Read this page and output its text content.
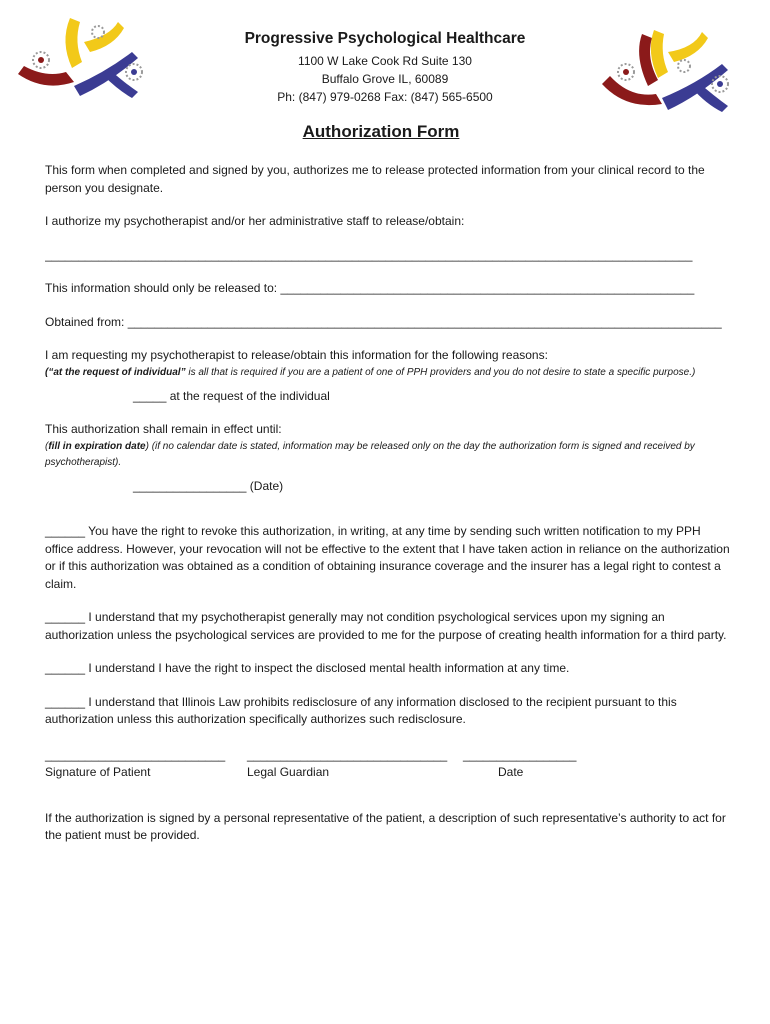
Progressive Psychological Healthcare
1100 W Lake Cook Rd Suite 130
Buffalo Grove IL, 60089
Ph: (847) 979-0268 Fax: (847) 565-6500
Authorization Form

This form when completed and signed by you, authorizes me to release protected information from your clinical record to the person you designate.

I authorize my psychotherapist and/or her administrative staff to release/obtain:

_________________________________________________________________________________________________

This information should only be released to: ______________________________________________________________

Obtained from: _________________________________________________________________________________________

I am requesting my psychotherapist to release/obtain this information for the following reasons:

(“at the request of individual” is all that is required if you are a patient of one of PPH providers and you do not desire to state a specific purpose.)

_____ at the request of the individual

This authorization shall remain in effect until:

(fill in expiration date) (if no calendar date is stated, information may be released only on the day the authorization form is signed and received by psychotherapist).

_________________ (Date)

______ You have the right to revoke this authorization, in writing, at any time by sending such written notification to my PPH office address. However, your revocation will not be effective to the extent that I have taken action in reliance on the authorization or if this authorization was obtained as a condition of obtaining insurance coverage and the insurer has a legal right to contest a claim.

______ I understand that my psychotherapist generally may not condition psychological services upon my signing an authorization unless the psychological services are provided to me for the purpose of creating health information for a third party.

______ I understand I have the right to inspect the disclosed mental health information at any time.

______ I understand that Illinois Law prohibits redisclosure of any information disclosed to the recipient pursuant to this authorization unless this authorization specifically authorizes such redisclosure.

___________________________
Signature of Patient
______________________________
Legal Guardian
_________________
Date

If the authorization is signed by a personal representative of the patient, a description of such representative’s authority to act for the patient must be provided.
